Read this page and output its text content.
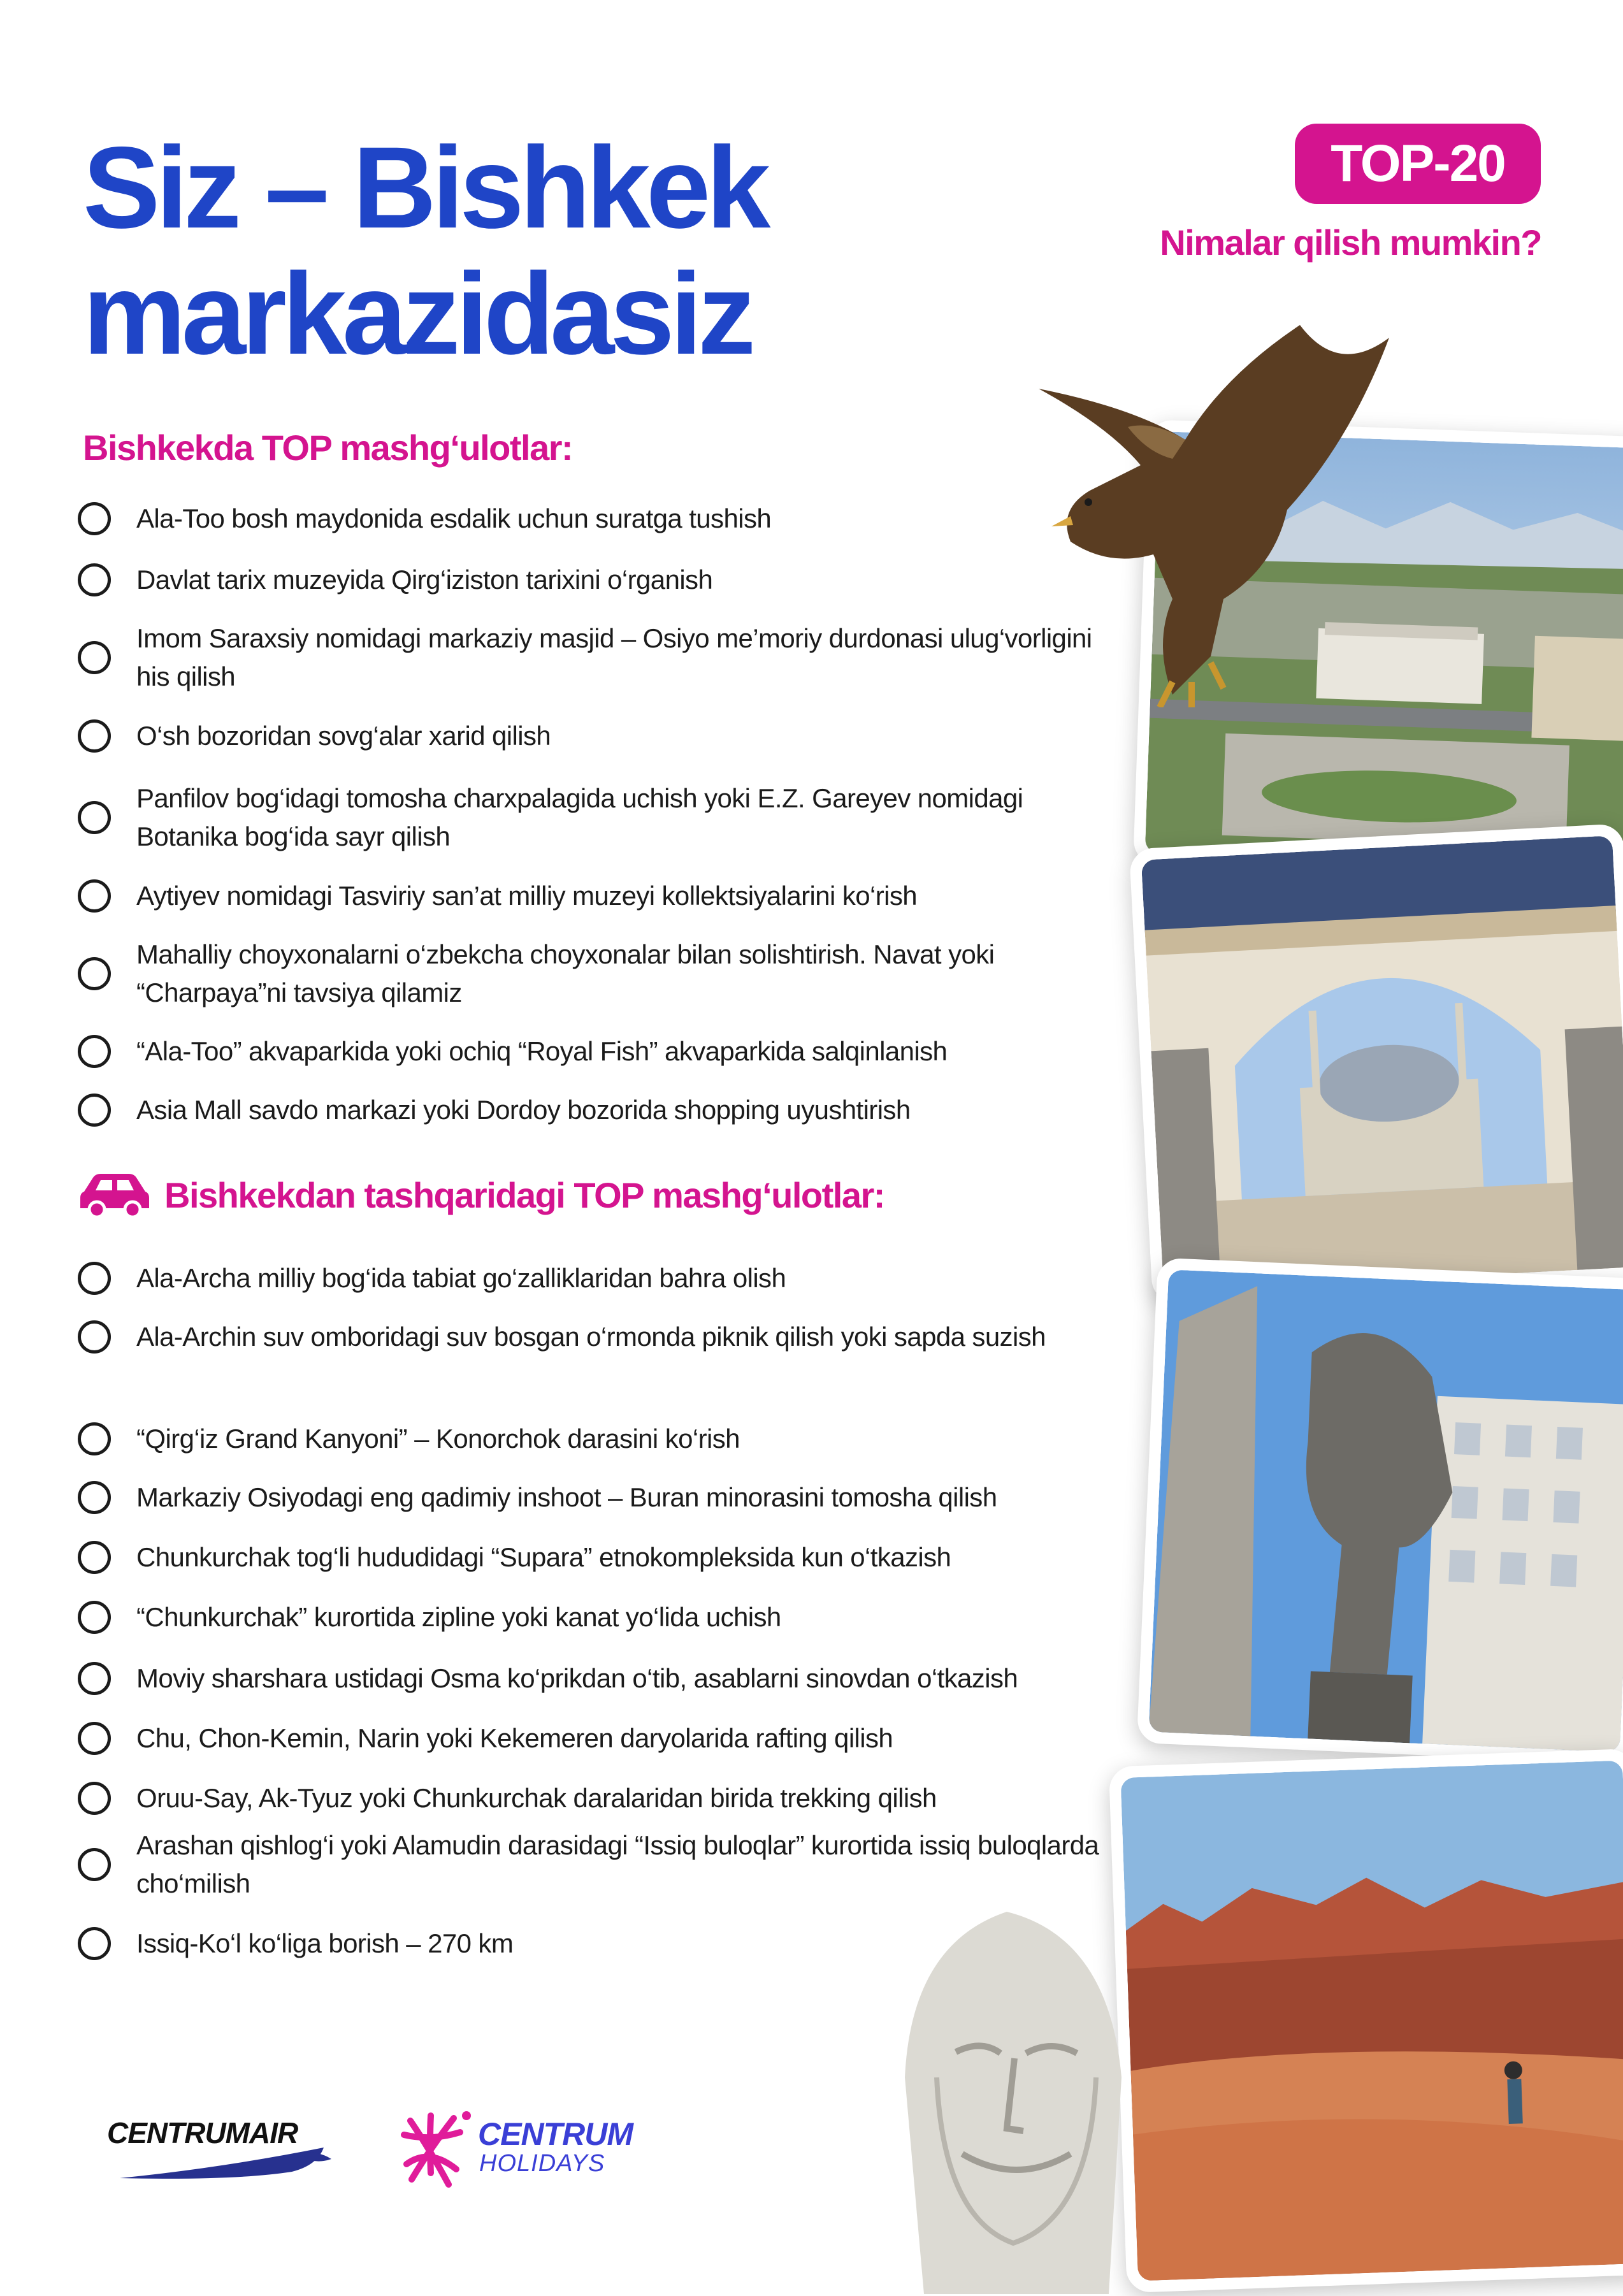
Siz – Bishkek
markazidasiz
TOP-20

Nimalar qilish mumkin?

Bishkekda TOP mashg‘ulotlar:
Ala-Too bosh maydonida esdalik uchun suratga tushish
Davlat tarix muzeyida Qirg‘iziston tarixini o‘rganish
Imom Saraxsiy nomidagi markaziy masjid – Osiyo me’moriy durdonasi ulug‘vorligini his qilish
O‘sh bozoridan sovg‘alar xarid qilish
Panfilov bog‘idagi tomosha charxpalagida uchish yoki E.Z. Gareyev nomidagi Botanika bog‘ida sayr qilish
Aytiyev nomidagi Tasviriy san’at milliy muzeyi kollektsiyalarini ko‘rish
Mahalliy choyxonalarni o‘zbekcha choyxonalar bilan solishtirish. Navat yoki “Charpaya”ni tavsiya qilamiz
“Ala-Too” akvaparkida yoki ochiq “Royal Fish” akvaparkida salqinlanish
Asia Mall savdo markazi yoki Dordoy bozorida shopping uyushtirish
Bishkekdan tashqaridagi TOP mashg‘ulotlar:
Ala-Archa milliy bog‘ida tabiat go‘zalliklaridan bahra olish
Ala-Archin suv omboridagi suv bosgan o‘rmonda piknik qilish yoki sapda suzish
“Qirg‘iz Grand Kanyoni” – Konorchok darasini ko‘rish
Markaziy Osiyodagi eng qadimiy inshoot – Buran minorasini tomosha qilish
Chunkurchak tog‘li hududidagi “Supara” etnokompleksida kun o‘tkazish
“Chunkurchak” kurortida zipline yoki kanat yo‘lida uchish
Moviy sharshara ustidagi Osma ko‘prikdan o‘tib, asablarni sinovdan o‘tkazish
Chu, Chon-Kemin, Narin yoki Kekemeren daryolarida rafting qilish
Oruu-Say, Ak-Tyuz yoki Chunkurchak daralaridan birida trekking qilish
Arashan qishlog‘i yoki Alamudin darasidagi “Issiq buloqlar” kurortida issiq buloqlarda cho‘milish
Issiq-Ko‘l ko‘liga borish – 270 km
CENTRUMAIR	CENTRUM
HOLIDAYS
